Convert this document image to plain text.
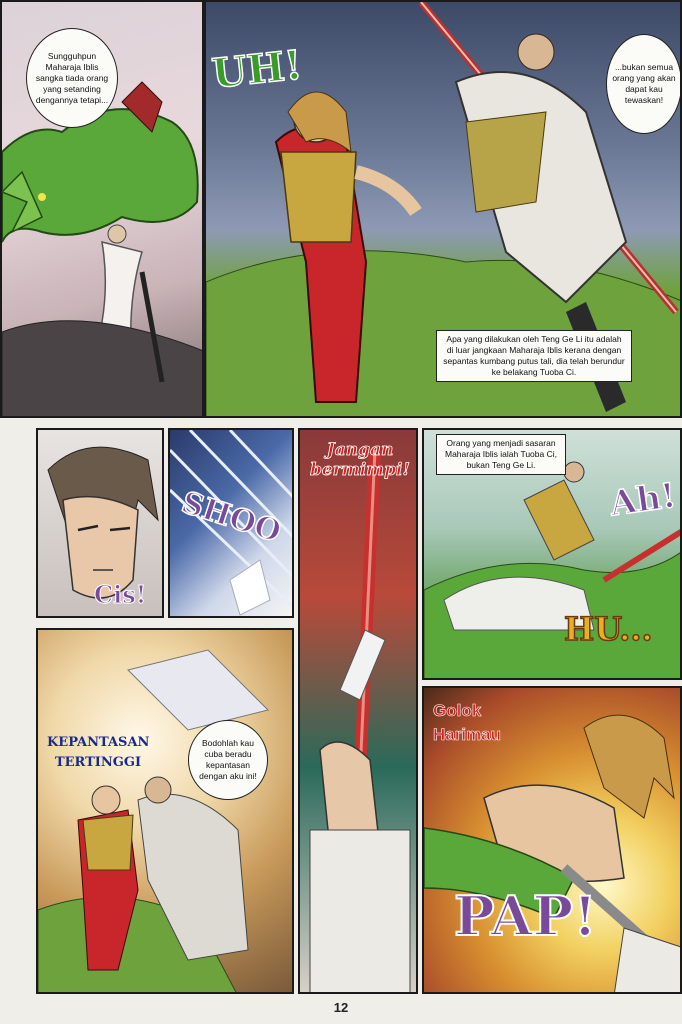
Sungguhpun Maharaja Iblis sangka tiada orang yang setanding dengannya tetapi...
UH!	...bukan semua orang yang akan dapat kau tewaskan!
Apa yang dilakukan oleh Teng Ge Li itu adalah di luar jangkaan Maharaja Iblis kerana dengan sepantas kumbang putus tali, dia telah berundur ke belakang Tuoba Ci.
Cis!
SHOO
Jangan bermimpi!
Orang yang menjadi sasaran Maharaja Iblis ialah Tuoba Ci, bukan Teng Ge Li.
Ah!
HU...
KEPANTASAN TERTINGGI
Bodohlah kau cuba beradu kepantasan dengan aku ini!
Golok Harimau
PAP!
12
